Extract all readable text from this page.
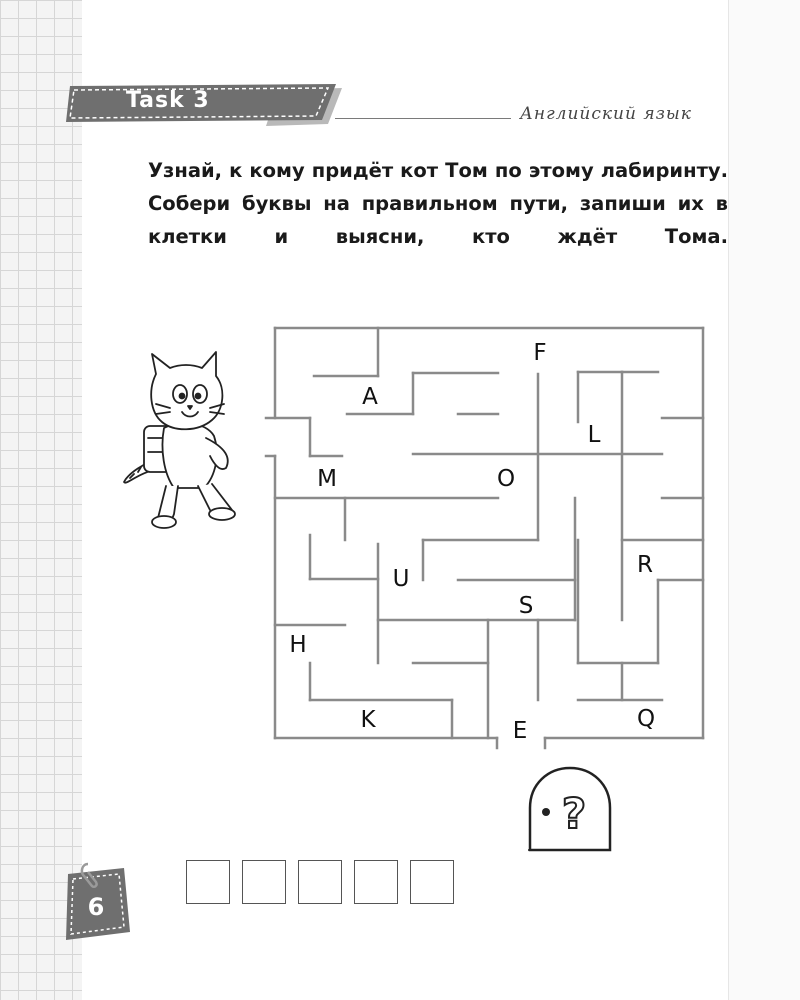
Task 3
Английский язык

Узнай, к кому придёт кот Том по этому лабиринту. Собери буквы на правильном пути, запиши их в клетки и выясни, кто ждёт Тома.

F
A
L
M	O
R
U
S
H
K	E	Q
?
6
